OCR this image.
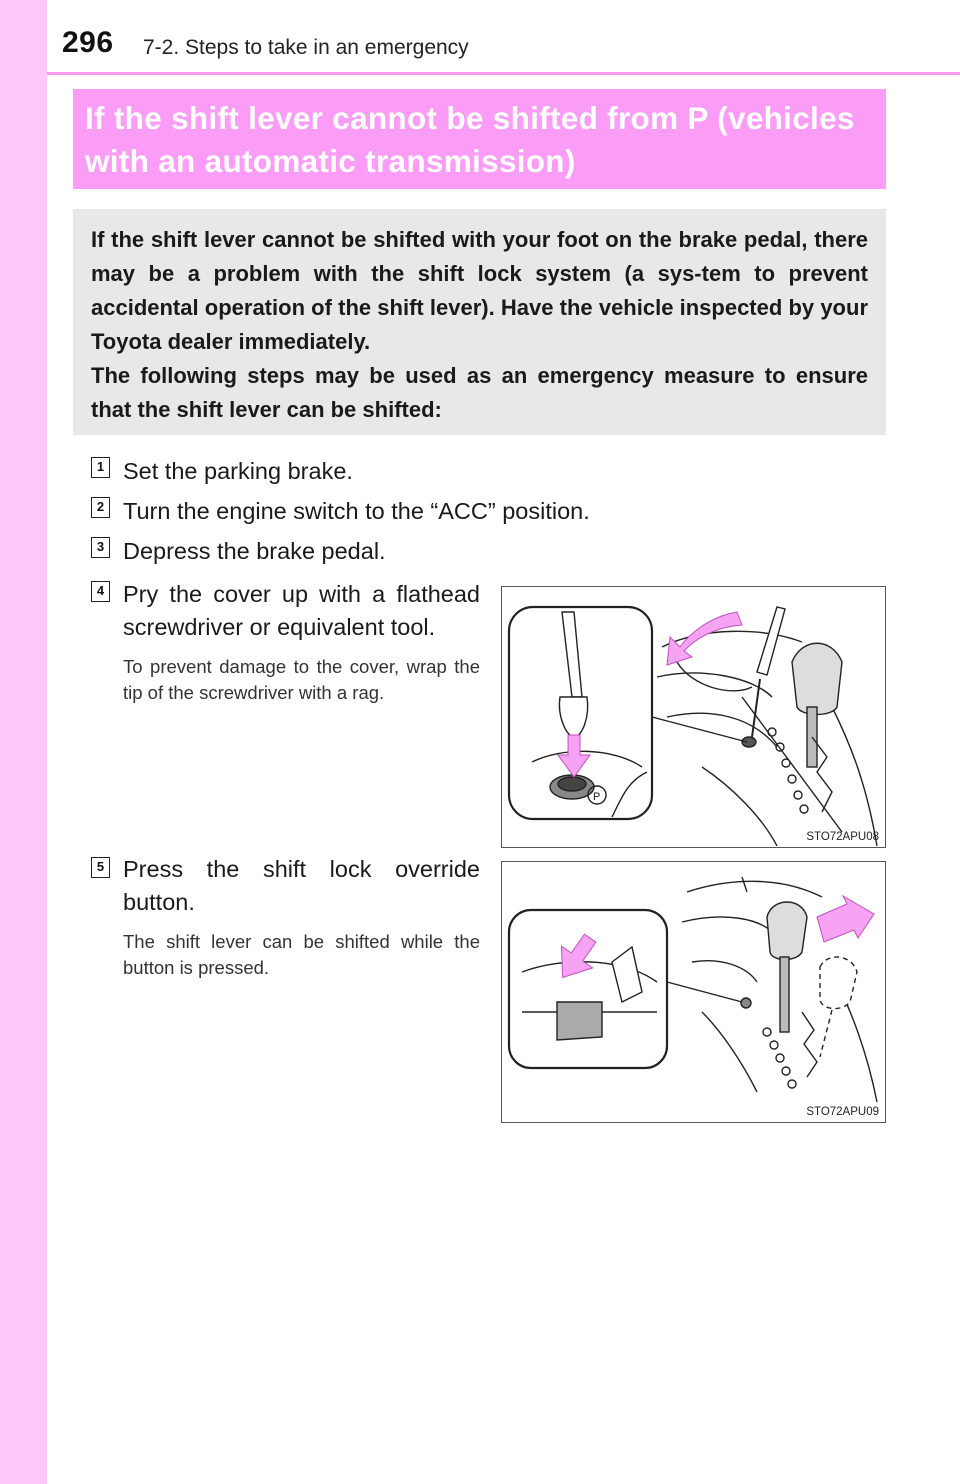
296 7-2. Steps to take in an emergency
If the shift lever cannot be shifted from P (vehicles
with an automatic transmission)

If the shift lever cannot be shifted with your foot on the brake pedal, there may be a problem with the shift lock system (a sys-tem to prevent accidental operation of the shift lever). Have the vehicle inspected by your Toyota dealer immediately.

The following steps may be used as an emergency measure to ensure that the shift lever can be shifted:

1 Set the parking brake.
2 Turn the engine switch to the “ACC” position.
3 Depress the brake pedal.
4 Pry the cover up with a flathead screwdriver or equivalent tool.
To prevent damage to the cover, wrap the tip of the screwdriver with a rag.
P
STO72APU08
5 Press the shift lock override button.
The shift lever can be shifted while the button is pressed.
STO72APU09
